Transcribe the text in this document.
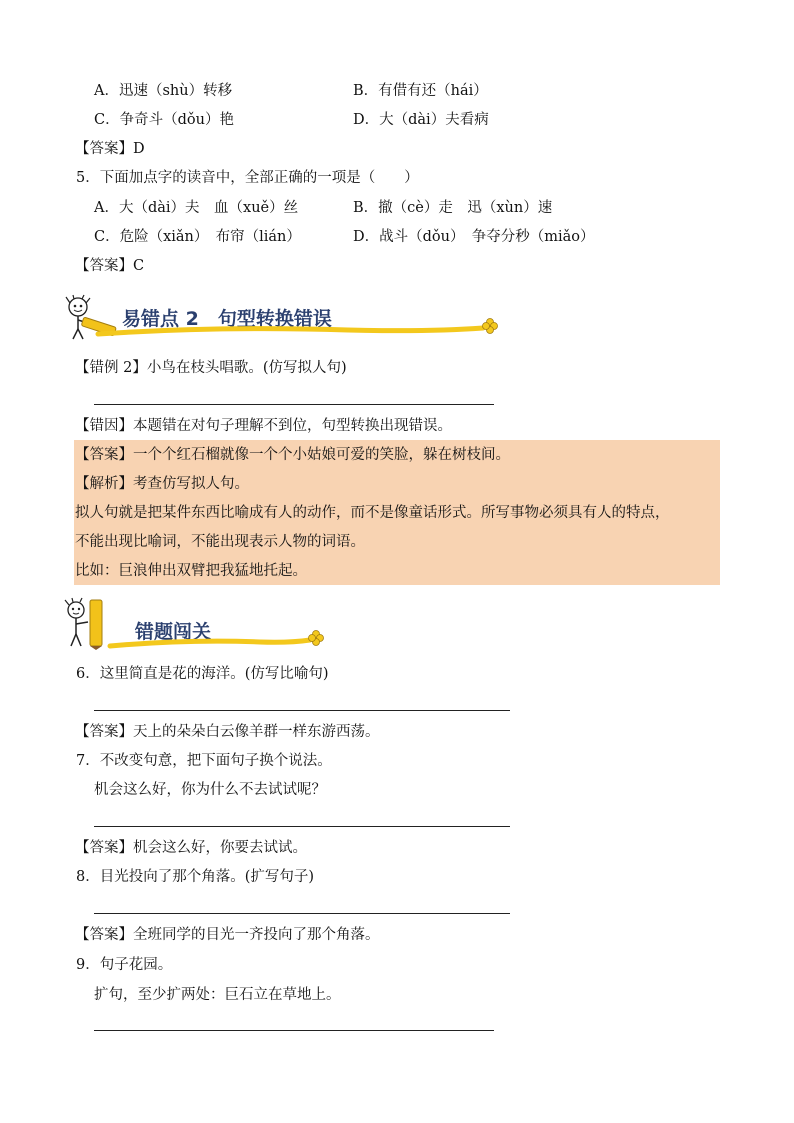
A．迅速（shù）转移	B．有借有还（hái）
C．争奇斗（dǒu）艳	D．大（dài）夫看病
【答案】D
5．下面加点字的读音中，全部正确的一项是（　　）
A．大（dài）夫　血（xuě）丝	B．撤（cè）走　迅（xùn）速
C．危险（xiǎn）　布帘（lián）	D．战斗（dǒu）　争夺分秒（miǎo）
【答案】C
易错点 2　句型转换错误
【错例 2】小鸟在枝头唱歌。(仿写拟人句)
【错因】本题错在对句子理解不到位，句型转换出现错误。
【答案】一个个红石榴就像一个个小姑娘可爱的笑脸，躲在树枝间。
【解析】考查仿写拟人句。
拟人句就是把某件东西比喻成有人的动作，而不是像童话形式。所写事物必须具有人的特点，
不能出现比喻词，不能出现表示人物的词语。
比如：巨浪伸出双臂把我猛地托起。
错题闯关
6．这里简直是花的海洋。(仿写比喻句)
【答案】天上的朵朵白云像羊群一样东游西荡。
7．不改变句意，把下面句子换个说法。
机会这么好，你为什么不去试试呢？
【答案】机会这么好，你要去试试。
8．目光投向了那个角落。(扩写句子)
【答案】全班同学的目光一齐投向了那个角落。
9．句子花园。
扩句，至少扩两处：巨石立在草地上。
